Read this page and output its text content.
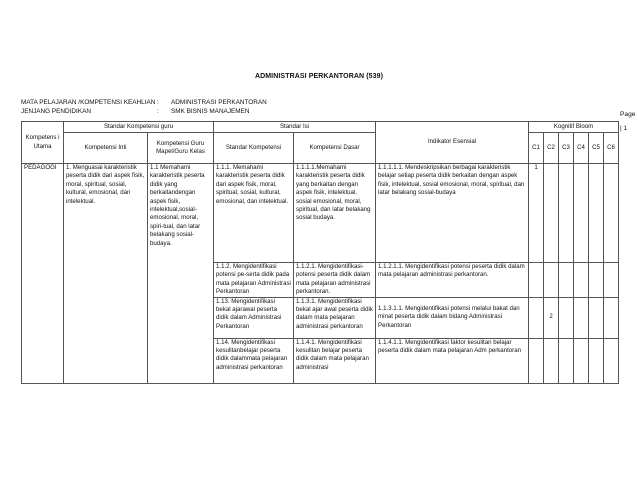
ADMINISTRASI PERKANTORAN (539)
MATA PELAJARAN /KOMPETENSI KEAHLIAN : ADMINISTRASI PERKANTORAN
JENJANG PENDIDIKAN	: SMK BISNIS MANAJEMEN	Page
| 1
Kompetens i Utama	Standar Kompetensi guru		Standar Isi		Indikator Esensial	Kognitif Bloom					
	Kompetensi Inti	Kompetensi Guru Mapel/Guru Kelas	Standar Kompetensi	Kompetensi Dasar							
						C1	C2	C3	C4	C5	C6
PEDAGOGI	1. Menguasai karakteristik peserta didik dari aspek fisik, moral, spiritual, sosial, kultural, emosional, dan intelektual.	1.1 Memahami karakteristik peserta didik yang berkaitandengan aspek fisik, intelektual,sosial-emosional, moral, spiri-tual, dan latar belakang sosial-budaya.	1.1.1. Memahami karakteristik peserta didik dari aspek fisik, moral, spiritual, sosial, kultural, emosional, dan intelektual.	1.1.1.1.Memahami karakteristik peserta didik yang berkaitan dengan aspek fisik, intelektual, sosial emosional, moral, spiritual, dan latar belakang sosial budaya.	1.1.1.1.1. Mendeskripsikan berbagai karakteristik belajar setiap peserta didik berkaitan dengan aspek fisik, intelektual, sosial emosional, moral, spiritual, dan latar belakang sosial-budaya	1					
			1.1.2. Mengidentifikasi potensi pe-serta didik pada mata pelajaran Administrasi Perkantoran	1.1.2.1. Mengidentifikasi-potensi peserta didik dalam mata pelajaran administrasi perkantoran.	1.1.2.1.1. Mengidentifikasi potensi peserta didik dalam mata pelajaran administrasi perkantoran.						
			1.13. Mengidentifikasi bekal ajarawal peserta didik dalam Administrasi Perkantoran	1.1.3.1. Mengidentifikasi bekal ajar awal peserta didik dalam mata pelajaran administrasi perkantoran	1.1.3.1.1. Mengidentifikasi potensi melalui bakat dan minat peserta didik dalam bidang Administrasi Perkantoran		2				
			1.14. Mengidentifikasi kesulitanbelajar peserta didik dalammata pelajaran administrasi perkantoran	1.1.4.1. Mengidentifikasi kesulitan belajar peserta didik dalam mata pelajaran administrasi	1.1.4.1.1. Mengidentifikasi faktor kesulitan belajar peserta didik dalam mata pelajaran Adm perkantoran						
